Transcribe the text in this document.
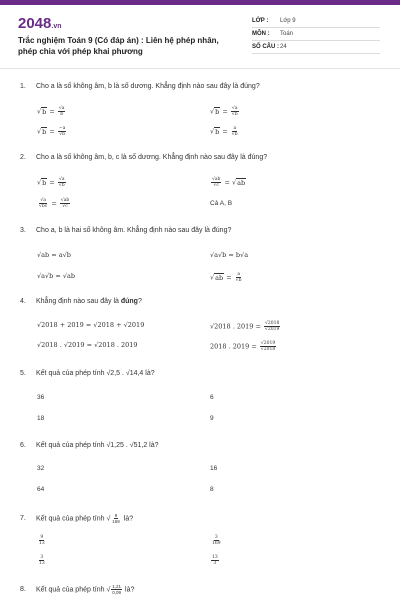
2048.vn
Trắc nghiệm Toán 9 (Có đáp án) : Liên hệ phép nhân, phép chia với phép khai phương
LỚP :	Lớp 9
MÔN :	Toán
SỐ CÂU : 24
1. Cho a là số không âm, b là số dương. Khẳng định nào sau đây là đúng?
$√b = \frac{√a}{b}$	$√b = \frac{√a}{√b}$
$√b = \frac{-a}{√b}$	$√b = \frac{a}{√b}$
2. Cho a là số không âm, b, c là số dương. Khẳng định nào sau đây là đúng?
$√b = \frac{√a}{√b}$	$\frac{√ab}{√c} = √ab$
$\frac{√a}{√bc} = \frac{√ab}{√c}$	Cả A, B
3. Cho a, b là hai số không âm. Khẳng định nào sau đây là đúng?
√ab = a√b	√a√b = b√a
√a√b = √ab	$√ab = \frac{a}{√b}$
4. Khẳng định nào sau đây là đúng?
√2018 + 2019 = √2018 + √2019	√2018 . $2019 = \frac{√2018}{√2019}$
√2018 . √2019 = √2018 . 2019	2018 . $2019 = \frac{√2019}{√2018}$
5. Kết quả của phép tính √2,5 . √14,4 là?
36	6
18	9
6. Kết quả của phép tính √1,25 . √51,2 là?
32	16
64	8
7. Kết quả của phép tính √ $\frac{9}{169}$ là?
$\frac{9}{13}$	$\frac{3}{169}$
$\frac{3}{13}$	$\frac{13}{3}$
8. Kết quả của phép tính √ $\frac{1,21}{0,09}$ là?
